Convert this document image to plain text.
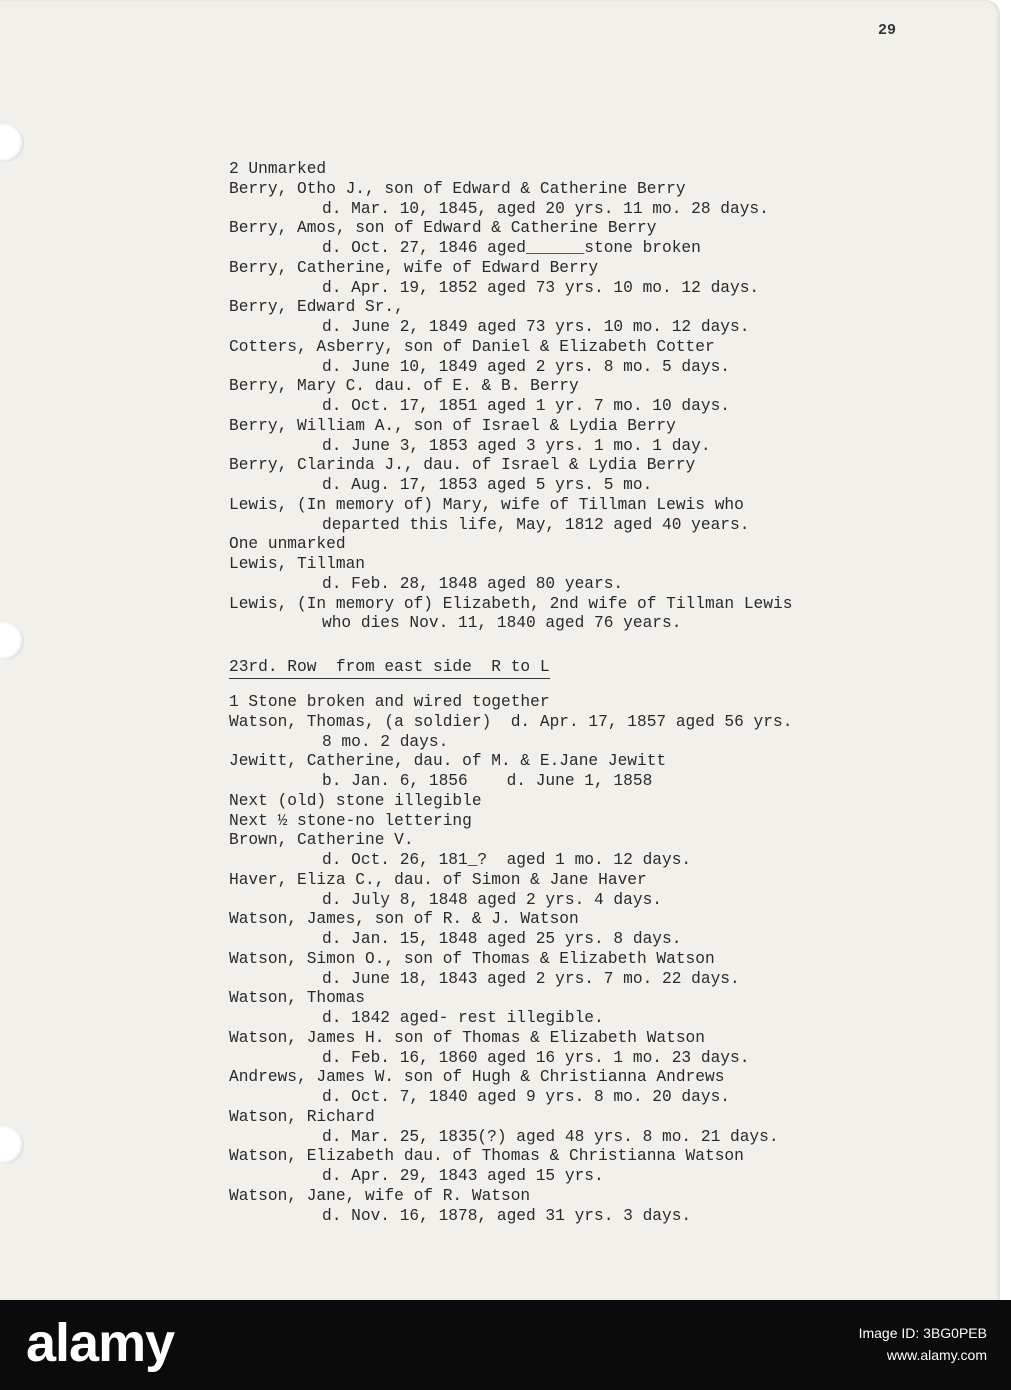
29
2 Unmarked
Berry, Otho J., son of Edward & Catherine Berry
d. Mar. 10, 1845, aged 20 yrs. 11 mo. 28 days.
Berry, Amos, son of Edward & Catherine Berry
d. Oct. 27, 1846 aged______stone broken
Berry, Catherine, wife of Edward Berry
d. Apr. 19, 1852 aged 73 yrs. 10 mo. 12 days.
Berry, Edward Sr.,
d. June 2, 1849 aged 73 yrs. 10 mo. 12 days.
Cotters, Asberry, son of Daniel & Elizabeth Cotter
d. June 10, 1849 aged 2 yrs. 8 mo. 5 days.
Berry, Mary C. dau. of E. & B. Berry
d. Oct. 17, 1851 aged 1 yr. 7 mo. 10 days.
Berry, William A., son of Israel & Lydia Berry
d. June 3, 1853 aged 3 yrs. 1 mo. 1 day.
Berry, Clarinda J., dau. of Israel & Lydia Berry
d. Aug. 17, 1853 aged 5 yrs. 5 mo.
Lewis, (In memory of) Mary, wife of Tillman Lewis who
departed this life, May, 1812 aged 40 years.
One unmarked
Lewis, Tillman
d. Feb. 28, 1848 aged 80 years.
Lewis, (In memory of) Elizabeth, 2nd wife of Tillman Lewis
who dies Nov. 11, 1840 aged 76 years.
23rd. Row  from east side  R to L
1 Stone broken and wired together
Watson, Thomas, (a soldier)  d. Apr. 17, 1857 aged 56 yrs.
8 mo. 2 days.
Jewitt, Catherine, dau. of M. & E.Jane Jewitt
b. Jan. 6, 1856    d. June 1, 1858
Next (old) stone illegible
Next ½ stone-no lettering
Brown, Catherine V.
d. Oct. 26, 181_?  aged 1 mo. 12 days.
Haver, Eliza C., dau. of Simon & Jane Haver
d. July 8, 1848 aged 2 yrs. 4 days.
Watson, James, son of R. & J. Watson
d. Jan. 15, 1848 aged 25 yrs. 8 days.
Watson, Simon O., son of Thomas & Elizabeth Watson
d. June 18, 1843 aged 2 yrs. 7 mo. 22 days.
Watson, Thomas
d. 1842 aged- rest illegible.
Watson, James H. son of Thomas & Elizabeth Watson
d. Feb. 16, 1860 aged 16 yrs. 1 mo. 23 days.
Andrews, James W. son of Hugh & Christianna Andrews
d. Oct. 7, 1840 aged 9 yrs. 8 mo. 20 days.
Watson, Richard
d. Mar. 25, 1835(?) aged 48 yrs. 8 mo. 21 days.
Watson, Elizabeth dau. of Thomas & Christianna Watson
d. Apr. 29, 1843 aged 15 yrs.
Watson, Jane, wife of R. Watson
d. Nov. 16, 1878, aged 31 yrs. 3 days.
alamy	Image ID: 3BG0PEB
www.alamy.com
